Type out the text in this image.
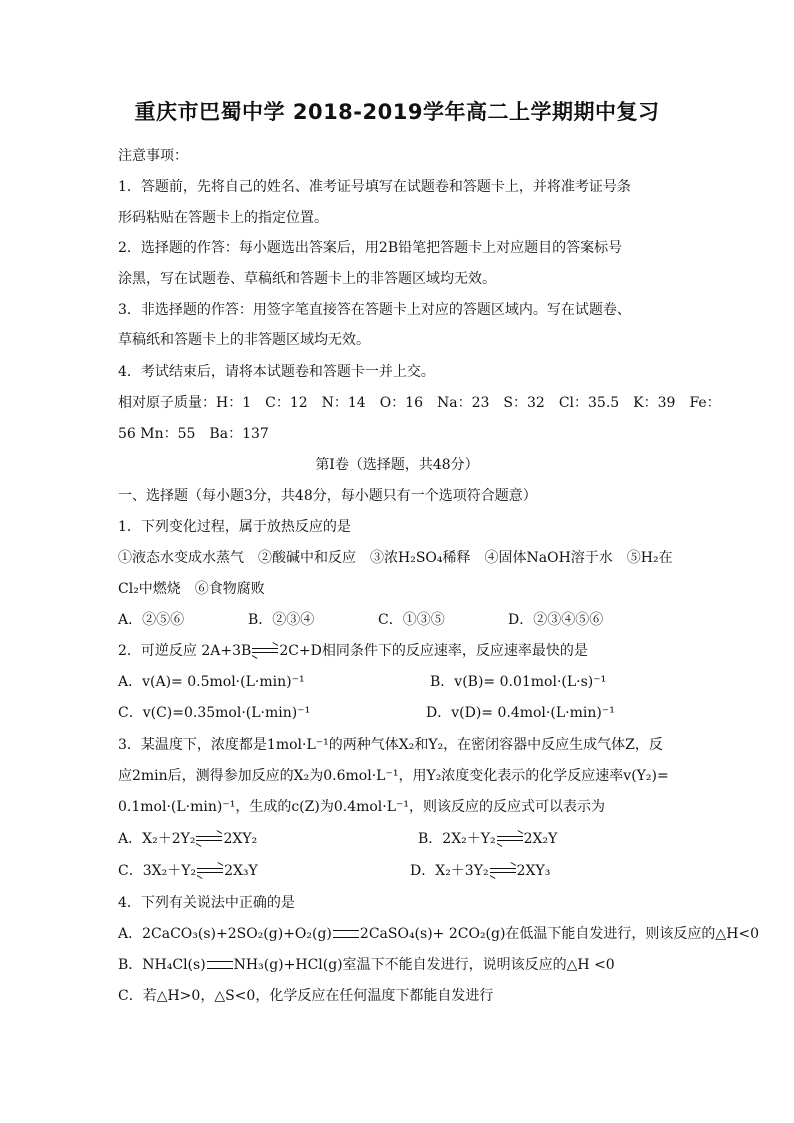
重庆市巴蜀中学 2018-2019学年高二上学期期中复习

注意事项：

1．答题前，先将自己的姓名、准考证号填写在试题卷和答题卡上，并将准考证号条

形码粘贴在答题卡上的指定位置。

2．选择题的作答：每小题选出答案后，用2B铅笔把答题卡上对应题目的答案标号

涂黑，写在试题卷、草稿纸和答题卡上的非答题区域均无效。

3．非选择题的作答：用签字笔直接答在答题卡上对应的答题区域内。写在试题卷、

草稿纸和答题卡上的非答题区域均无效。

4．考试结束后，请将本试题卷和答题卡一并上交。

相对原子质量：H：1　C：12　N：14　O：16　Na：23　S：32　Cl：35.5　K：39　Fe：

56 Mn：55　Ba：137

第I卷（选择题，共48分）

一、选择题（每小题3分，共48分，每小题只有一个选项符合题意）

1．下列变化过程，属于放热反应的是

①液态水变成水蒸气　②酸碱中和反应　③浓H₂SO₄稀释　④固体NaOH溶于水　⑤H₂在

Cl₂中燃烧　⑥食物腐败

A．②⑤⑥	B．②③④	C．①③⑤	D．②③④⑤⑥

2．可逆反应 2A+3B 2C+D相同条件下的反应速率，反应速率最快的是

A．v(A)= 0.5mol·(L·min)⁻¹	B．v(B)= 0.01mol·(L·s)⁻¹

C．v(C)=0.35mol·(L·min)⁻¹	D．v(D)= 0.4mol·(L·min)⁻¹

3．某温度下，浓度都是1mol·L⁻¹的两种气体X₂和Y₂，在密闭容器中反应生成气体Z，反

应2min后，测得参加反应的X₂为0.6mol·L⁻¹，用Y₂浓度变化表示的化学反应速率v(Y₂)=

0.1mol·(L·min)⁻¹，生成的c(Z)为0.4mol·L⁻¹，则该反应的反应式可以表示为

A．X₂＋2Y₂ 2XY₂	B．2X₂＋Y₂ 2X₂Y

C．3X₂＋Y₂ 2X₃Y	D．X₂＋3Y₂ 2XY₃

4．下列有关说法中正确的是

A．2CaCO₃(s)+2SO₂(g)+O₂(g) 2CaSO₄(s)+ 2CO₂(g)在低温下能自发进行，则该反应的△H<0

B．NH₄Cl(s) NH₃(g)+HCl(g)室温下不能自发进行，说明该反应的△H <0

C．若△H>0，△S<0，化学反应在任何温度下都能自发进行
